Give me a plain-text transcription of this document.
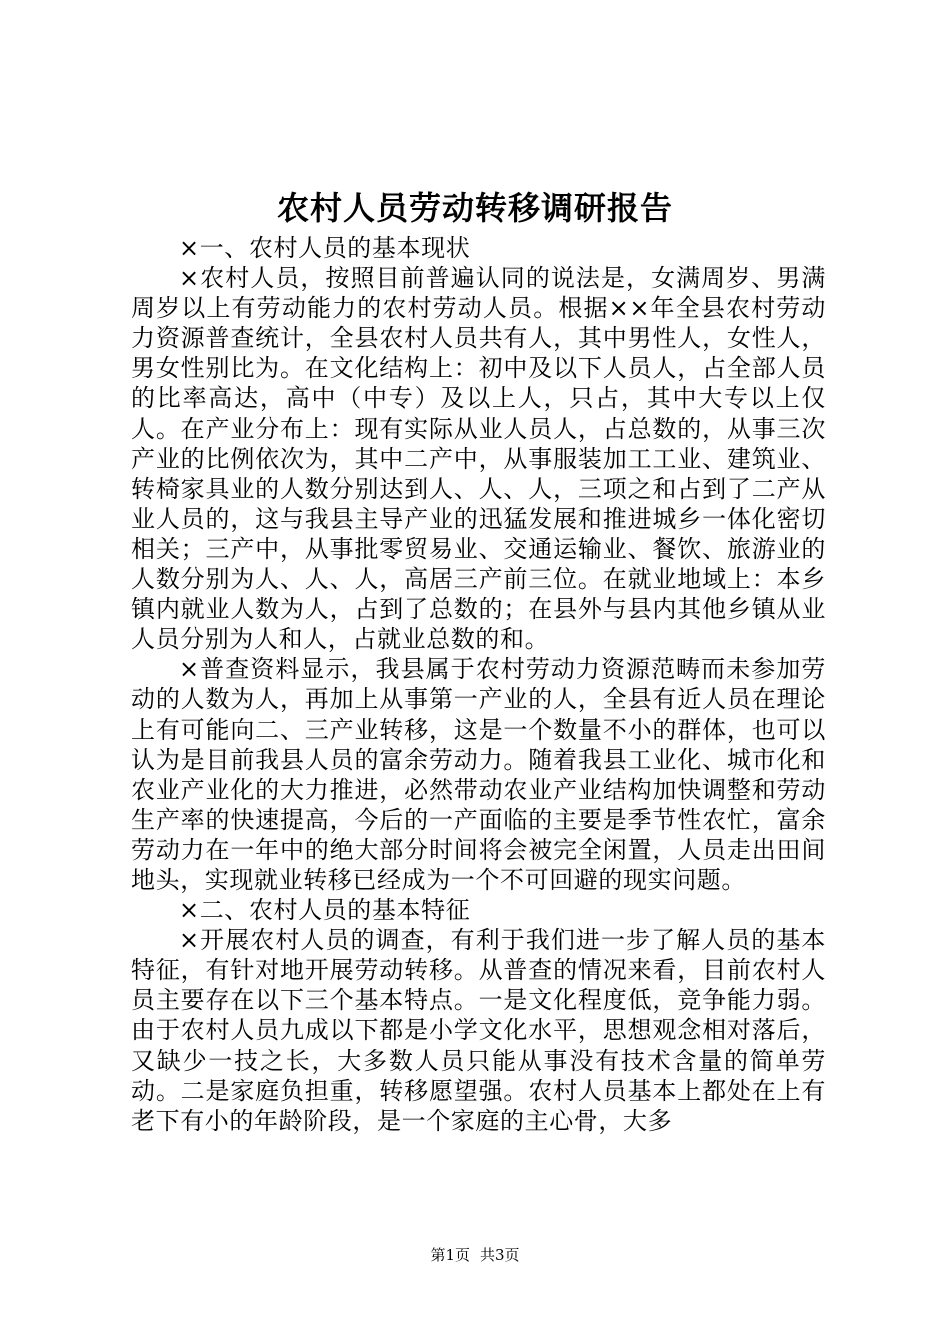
农村人员劳动转移调研报告

×一、农村人员的基本现状

×农村人员，按照目前普遍认同的说法是，女满周岁、男满周岁以上有劳动能力的农村劳动人员。根据××年全县农村劳动力资源普查统计，全县农村人员共有人，其中男性人，女性人，男女性别比为。在文化结构上：初中及以下人员人，占全部人员的比率高达，高中（中专）及以上人，只占，其中大专以上仅人。在产业分布上：现有实际从业人员人，占总数的，从事三次产业的比例依次为，其中二产中，从事服装加工工业、建筑业、转椅家具业的人数分别达到人、人、人，三项之和占到了二产从业人员的，这与我县主导产业的迅猛发展和推进城乡一体化密切相关；三产中，从事批零贸易业、交通运输业、餐饮、旅游业的人数分别为人、人、人，高居三产前三位。在就业地域上：本乡镇内就业人数为人，占到了总数的；在县外与县内其他乡镇从业人员分别为人和人，占就业总数的和。

×普查资料显示，我县属于农村劳动力资源范畴而未参加劳动的人数为人，再加上从事第一产业的人，全县有近人员在理论上有可能向二、三产业转移，这是一个数量不小的群体，也可以认为是目前我县人员的富余劳动力。随着我县工业化、城市化和农业产业化的大力推进，必然带动农业产业结构加快调整和劳动生产率的快速提高，今后的一产面临的主要是季节性农忙，富余劳动力在一年中的绝大部分时间将会被完全闲置，人员走出田间地头，实现就业转移已经成为一个不可回避的现实问题。

×二、农村人员的基本特征

×开展农村人员的调查，有利于我们进一步了解人员的基本特征，有针对地开展劳动转移。从普查的情况来看，目前农村人员主要存在以下三个基本特点。一是文化程度低，竞争能力弱。由于农村人员九成以下都是小学文化水平，思想观念相对落后，又缺少一技之长，大多数人员只能从事没有技术含量的简单劳动。二是家庭负担重，转移愿望强。农村人员基本上都处在上有老下有小的年龄阶段，是一个家庭的主心骨，大多

第1页 共3页
